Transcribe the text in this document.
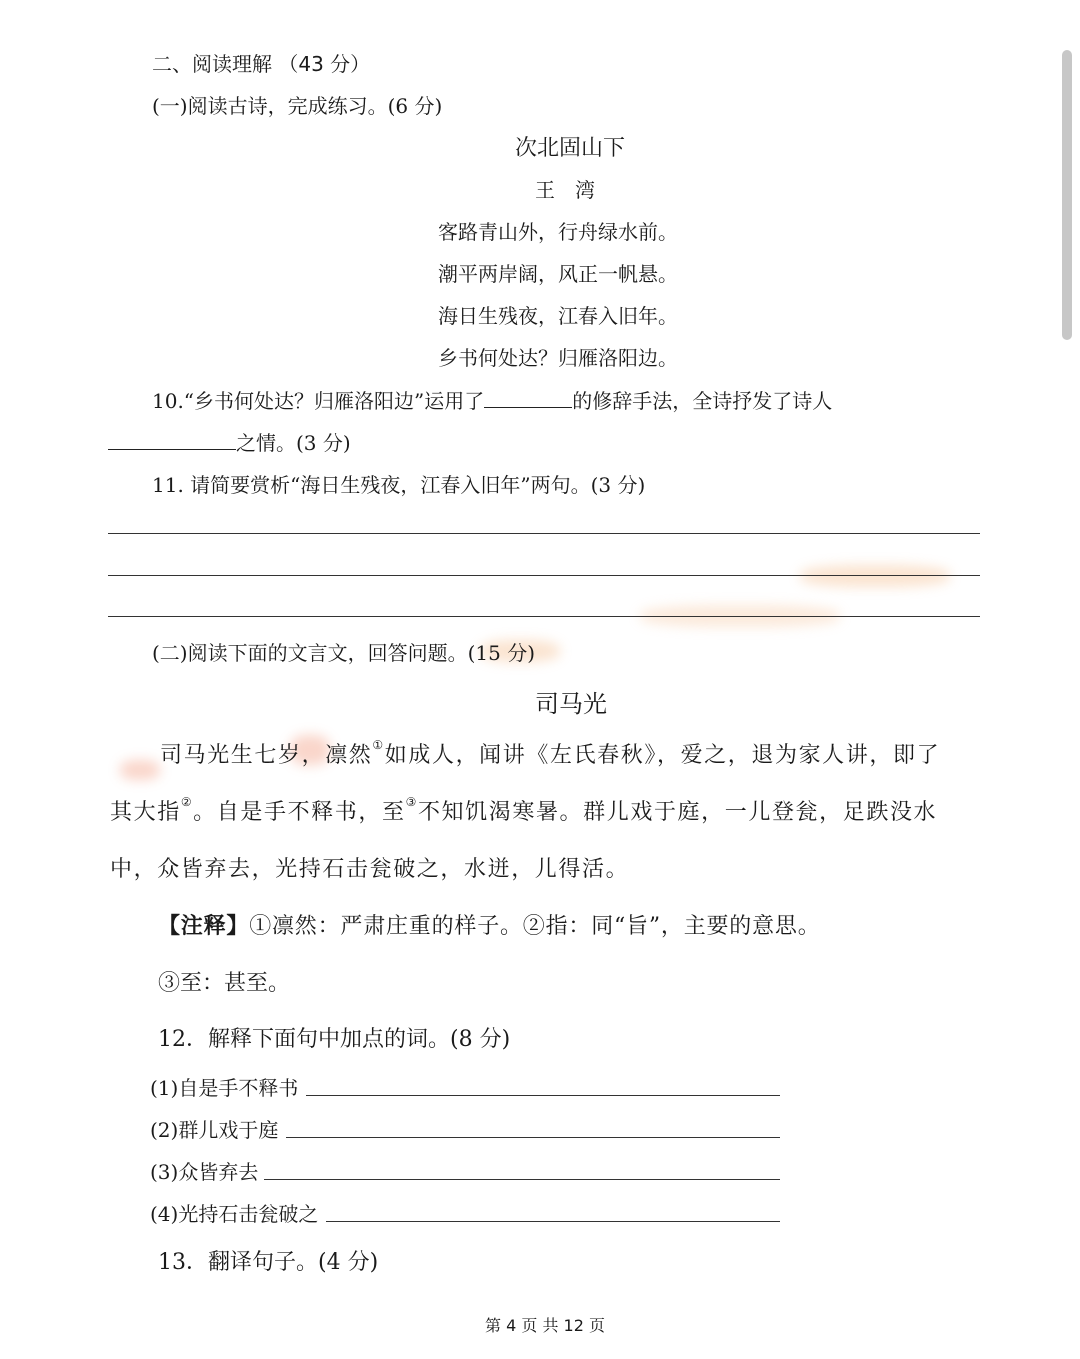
二、阅读理解 （43 分）
(一)阅读古诗，完成练习。(6 分)
次北固山下
王　湾
客路青山外，行舟绿水前。
潮平两岸阔，风正一帆悬。
海日生残夜，江春入旧年。
乡书何处达？归雁洛阳边。
10.“乡书何处达？归雁洛阳边”运用了	的修辞手法，全诗抒发了诗人
之情。(3 分)
11. 请简要赏析“海日生残夜，江春入旧年”两句。(3 分)
(二)阅读下面的文言文，回答问题。(15 分)
司马光
司马光生七岁，凛然①如成人，闻讲《左氏春秋》，爱之，退为家人讲，即了
其大指②。自是手不释书，至③不知饥渴寒暑。群儿戏于庭，一儿登瓮，足跌没水
中，众皆弃去，光持石击瓮破之，水迸，儿得活。
【注释】①凛然：严肃庄重的样子。②指：同“旨”，主要的意思。
③至：甚至。
12．解释下面句中加点的词。(8 分)
(1)自是手不释书
(2)群儿戏于庭
(3)众皆弃去
(4)光持石击瓮破之
13．翻译句子。(4 分)
第 4 页 共 12 页
